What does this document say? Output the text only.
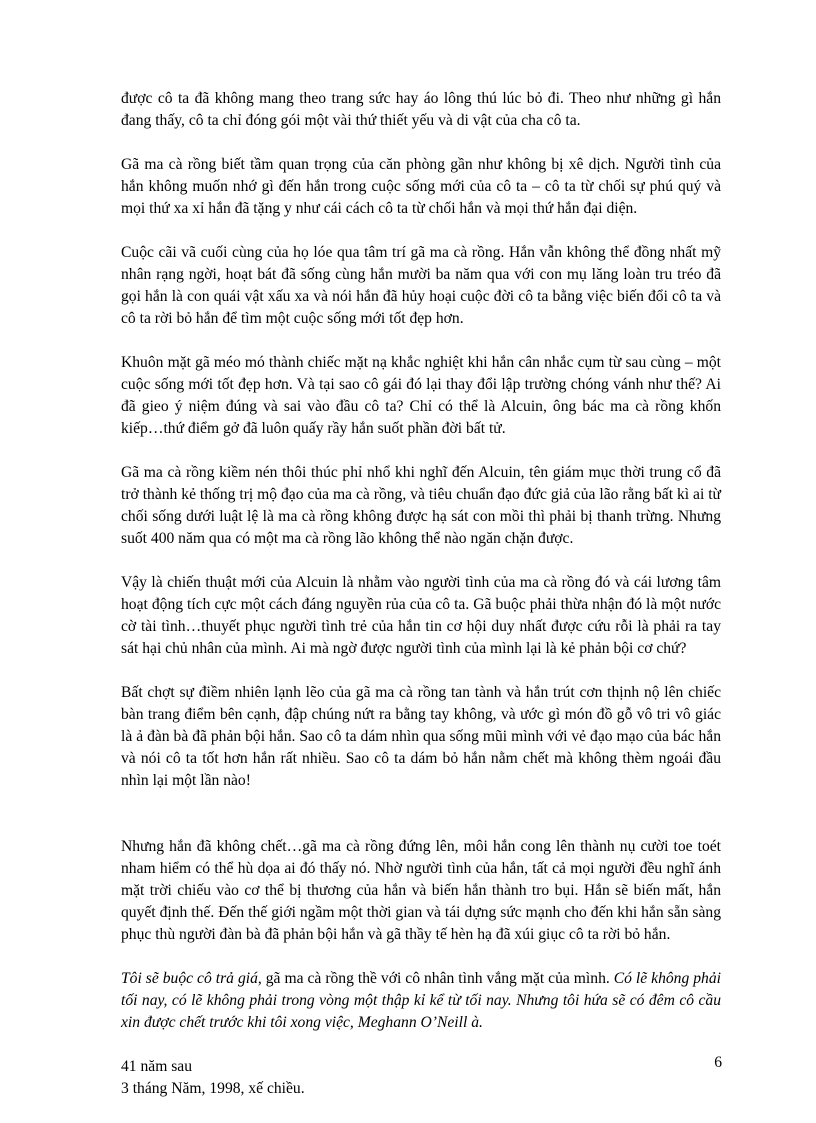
được cô ta đã không mang theo trang sức hay áo lông thú lúc bỏ đi. Theo như những gì hắn đang thấy, cô ta chỉ đóng gói một vài thứ thiết yếu và di vật của cha cô ta.

Gã ma cà rồng biết tầm quan trọng của căn phòng gần như không bị xê dịch. Người tình của hắn không muốn nhớ gì đến hắn trong cuộc sống mới của cô ta – cô ta từ chối sự phú quý và mọi thứ xa xỉ hắn đã tặng y như cái cách cô ta từ chối hắn và mọi thứ hắn đại diện.

Cuộc cãi vã cuối cùng của họ lóe qua tâm trí gã ma cà rồng. Hắn vẫn không thể đồng nhất mỹ nhân rạng ngời, hoạt bát đã sống cùng hắn mười ba năm qua với con mụ lăng loàn tru tréo đã gọi hắn là con quái vật xấu xa và nói hắn đã hủy hoại cuộc đời cô ta bằng việc biến đổi cô ta và cô ta rời bỏ hắn để tìm một cuộc sống mới tốt đẹp hơn.

Khuôn mặt gã méo mó thành chiếc mặt nạ khắc nghiệt khi hắn cân nhắc cụm từ sau cùng – một cuộc sống mới tốt đẹp hơn. Và tại sao cô gái đó lại thay đổi lập trường chóng vánh như thế? Ai đã gieo ý niệm đúng và sai vào đầu cô ta? Chỉ có thể là Alcuin, ông bác ma cà rồng khốn kiếp…thứ điểm gở đã luôn quấy rầy hắn suốt phần đời bất tử.

Gã ma cà rồng kiềm nén thôi thúc phỉ nhổ khi nghĩ đến Alcuin, tên giám mục thời trung cổ đã trở thành kẻ thống trị mộ đạo của ma cà rồng, và tiêu chuẩn đạo đức giả của lão rằng bất kì ai từ chối sống dưới luật lệ là ma cà rồng không được hạ sát con mồi thì phải bị thanh trừng. Nhưng suốt 400 năm qua có một ma cà rồng lão không thể nào ngăn chặn được.

Vậy là chiến thuật mới của Alcuin là nhằm vào người tình của ma cà rồng đó và cái lương tâm hoạt động tích cực một cách đáng nguyền rủa của cô ta. Gã buộc phải thừa nhận đó là một nước cờ tài tình…thuyết phục người tình trẻ của hắn tin cơ hội duy nhất được cứu rỗi là phải ra tay sát hại chủ nhân của mình. Ai mà ngờ được người tình của mình lại là kẻ phản bội cơ chứ?

Bất chợt sự điềm nhiên lạnh lẽo của gã ma cà rồng tan tành và hắn trút cơn thịnh nộ lên chiếc bàn trang điểm bên cạnh, đập chúng nứt ra bằng tay không, và ước gì món đồ gỗ vô tri vô giác là ả đàn bà đã phản bội hắn. Sao cô ta dám nhìn qua sống mũi mình với vẻ đạo mạo của bác hắn và nói cô ta tốt hơn hắn rất nhiều. Sao cô ta dám bỏ hắn nằm chết mà không thèm ngoái đầu nhìn lại một lần nào!

Nhưng hắn đã không chết…gã ma cà rồng đứng lên, môi hắn cong lên thành nụ cười toe toét nham hiểm có thể hù dọa ai đó thấy nó. Nhờ người tình của hắn, tất cả mọi người đều nghĩ ánh mặt trời chiếu vào cơ thể bị thương của hắn và biến hắn thành tro bụi. Hắn sẽ biến mất, hắn quyết định thế. Đến thế giới ngầm một thời gian và tái dựng sức mạnh cho đến khi hắn sẵn sàng phục thù người đàn bà đã phản bội hắn và gã thầy tế hèn hạ đã xúi giục cô ta rời bỏ hắn.

Tôi sẽ buộc cô trả giá, gã ma cà rồng thề với cô nhân tình vắng mặt của mình. Có lẽ không phải tối nay, có lẽ không phải trong vòng một thập kỉ kể từ tối nay. Nhưng tôi hứa sẽ có đêm cô cầu xin được chết trước khi tôi xong việc, Meghann O’Neill à.

41 năm sau

3 tháng Năm, 1998, xế chiều.

6
